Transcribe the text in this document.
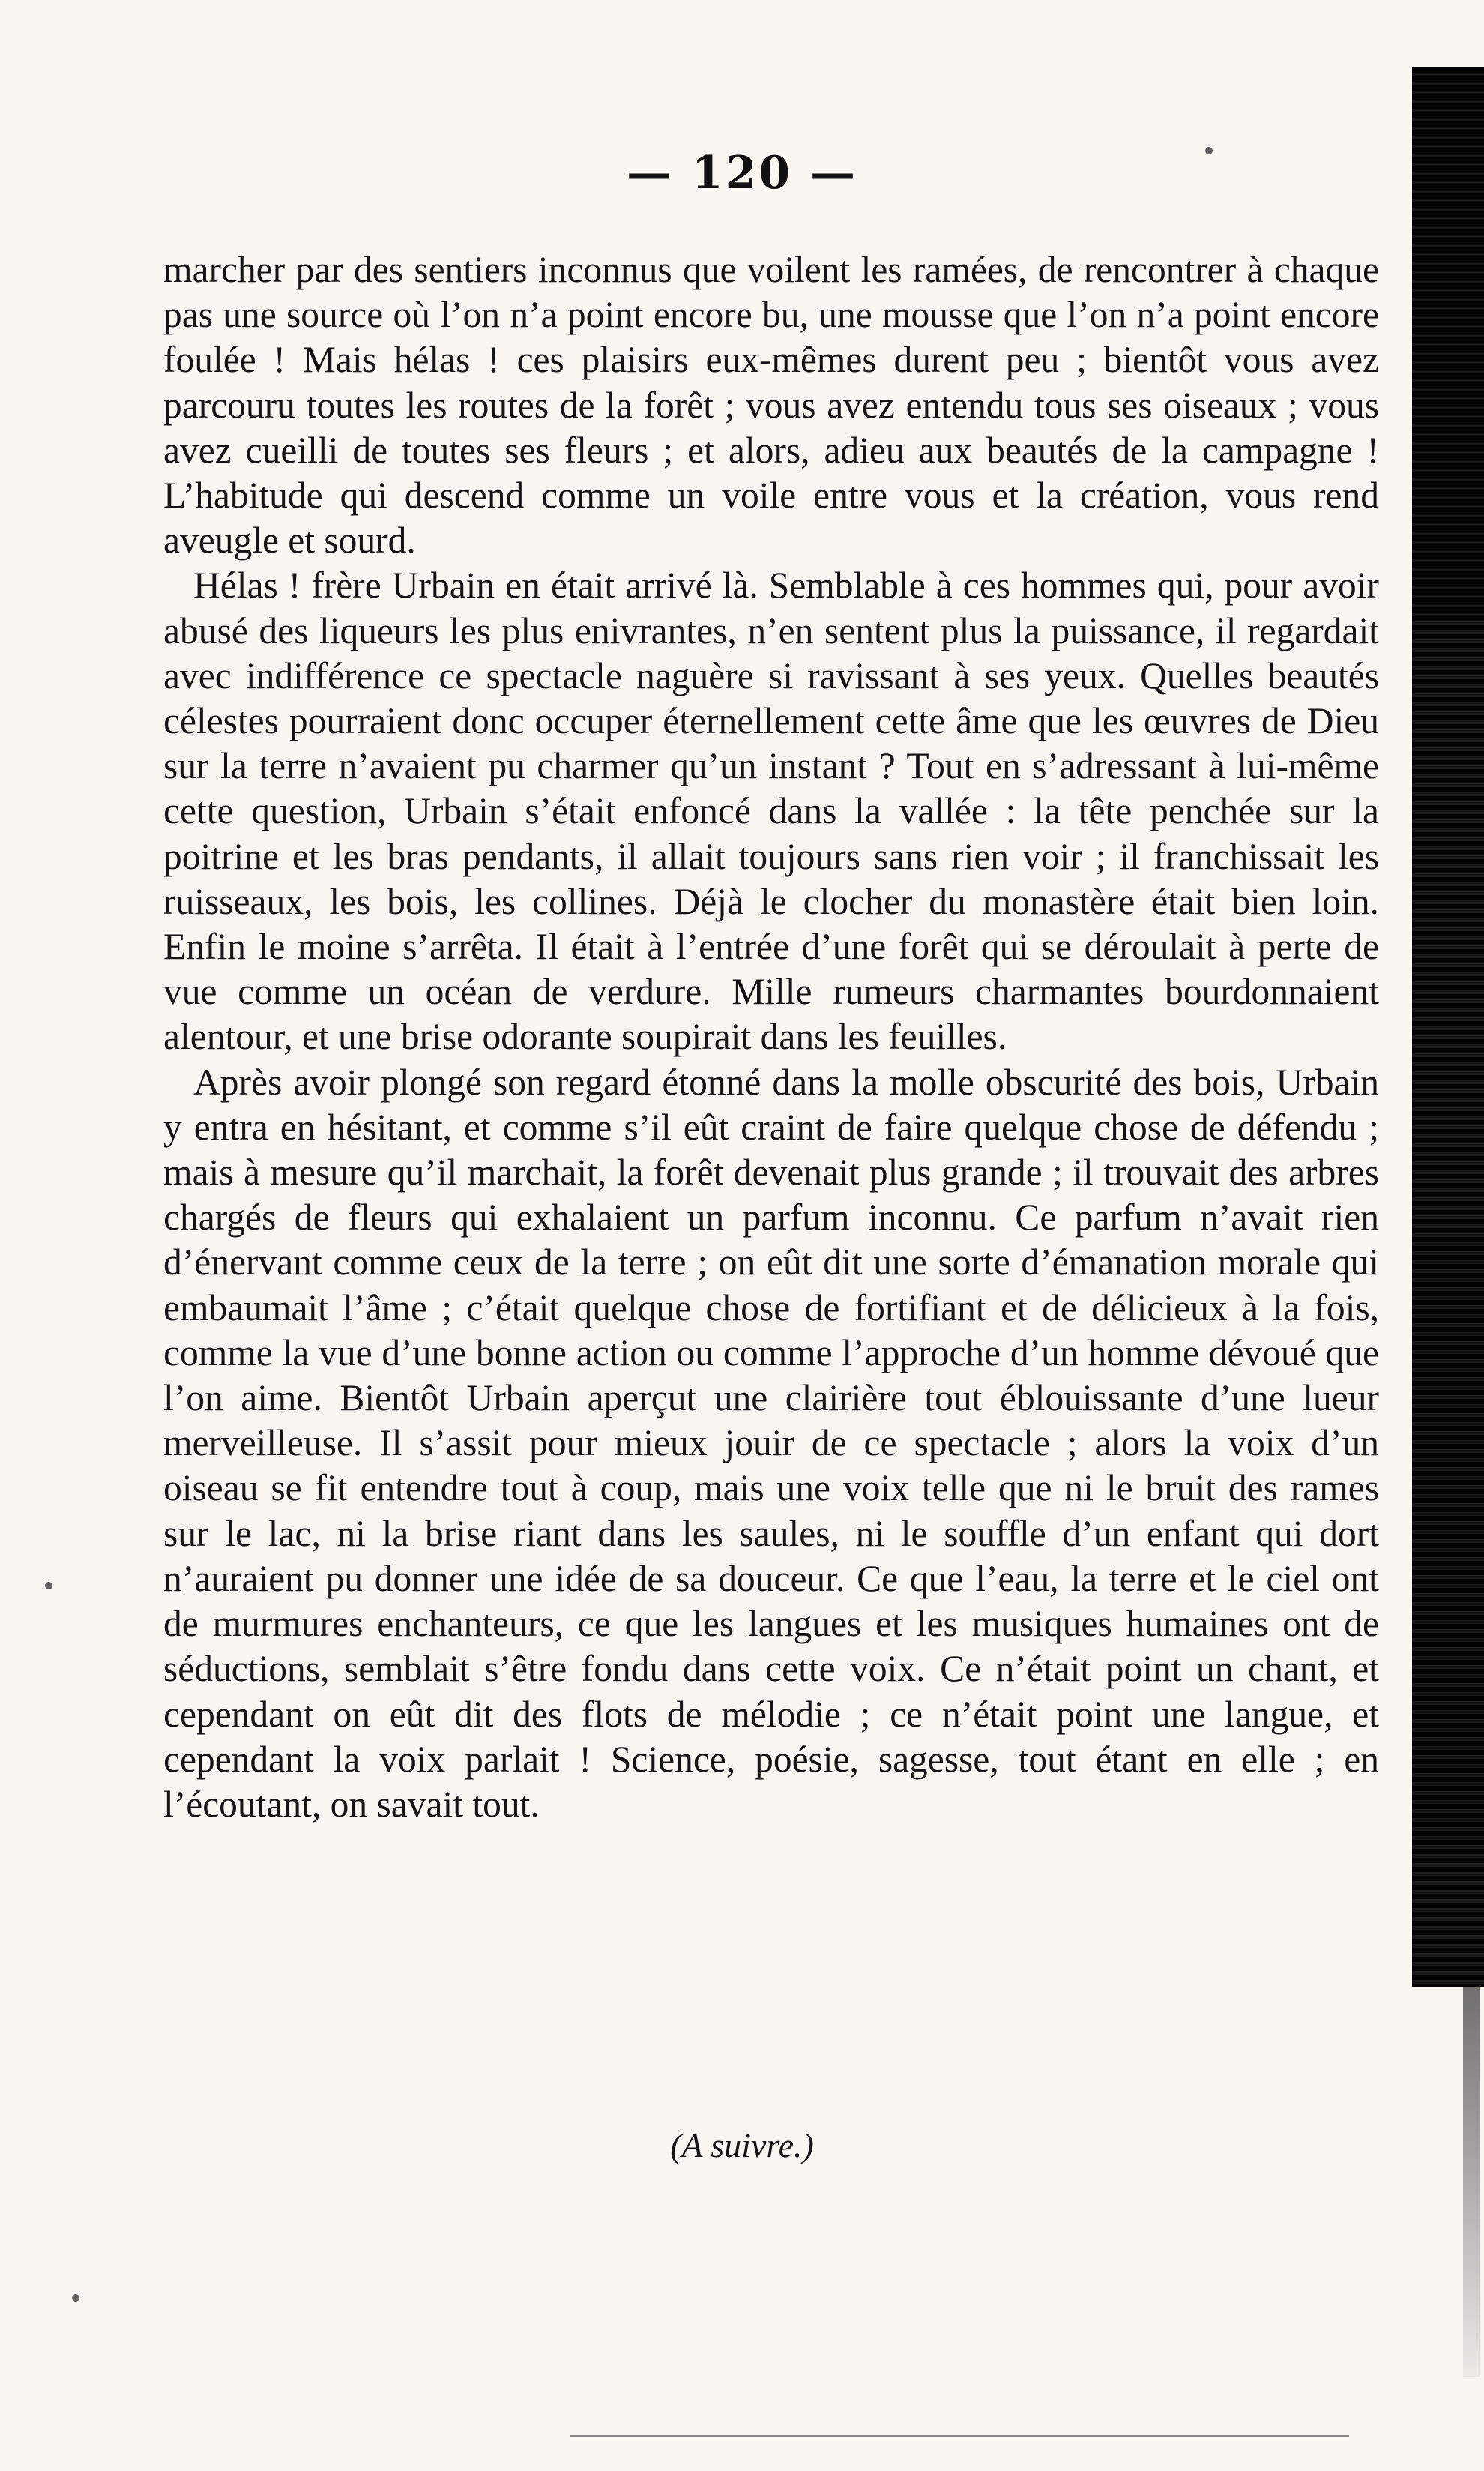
— 120 —

marcher par des sentiers inconnus que voilent les ramées, de rencontrer à chaque pas une source où l’on n’a point encore bu, une mousse que l’on n’a point encore foulée ! Mais hélas ! ces plaisirs eux-mêmes durent peu ; bientôt vous avez parcouru toutes les routes de la forêt ; vous avez entendu tous ses oiseaux ; vous avez cueilli de toutes ses fleurs ; et alors, adieu aux beautés de la campagne ! L’habitude qui descend comme un voile entre vous et la création, vous rend aveugle et sourd.

Hélas ! frère Urbain en était arrivé là. Semblable à ces hommes qui, pour avoir abusé des liqueurs les plus enivrantes, n’en sentent plus la puissance, il regardait avec indifférence ce spectacle naguère si ravissant à ses yeux. Quelles beautés célestes pourraient donc occuper éternellement cette âme que les œuvres de Dieu sur la terre n’avaient pu charmer qu’un instant ? Tout en s’adressant à lui-même cette question, Urbain s’était enfoncé dans la vallée : la tête penchée sur la poitrine et les bras pendants, il allait toujours sans rien voir ; il franchissait les ruisseaux, les bois, les collines. Déjà le clocher du monastère était bien loin. Enfin le moine s’arrêta. Il était à l’entrée d’une forêt qui se déroulait à perte de vue comme un océan de verdure. Mille rumeurs charmantes bourdonnaient alentour, et une brise odorante soupirait dans les feuilles.

Après avoir plongé son regard étonné dans la molle obscurité des bois, Urbain y entra en hésitant, et comme s’il eût craint de faire quelque chose de défendu ; mais à mesure qu’il marchait, la forêt devenait plus grande ; il trouvait des arbres chargés de fleurs qui exhalaient un parfum inconnu. Ce parfum n’avait rien d’énervant comme ceux de la terre ; on eût dit une sorte d’émanation morale qui embaumait l’âme ; c’était quelque chose de fortifiant et de délicieux à la fois, comme la vue d’une bonne action ou comme l’approche d’un homme dévoué que l’on aime. Bientôt Urbain aperçut une clairière tout éblouissante d’une lueur merveilleuse. Il s’assit pour mieux jouir de ce spectacle ; alors la voix d’un oiseau se fit entendre tout à coup, mais une voix telle que ni le bruit des rames sur le lac, ni la brise riant dans les saules, ni le souffle d’un enfant qui dort n’auraient pu donner une idée de sa douceur. Ce que l’eau, la terre et le ciel ont de murmures enchanteurs, ce que les langues et les musiques humaines ont de séductions, semblait s’être fondu dans cette voix. Ce n’était point un chant, et cependant on eût dit des flots de mélodie ; ce n’était point une langue, et cependant la voix parlait ! Science, poésie, sagesse, tout étant en elle ; en l’écoutant, on savait tout.

(A suivre.)
